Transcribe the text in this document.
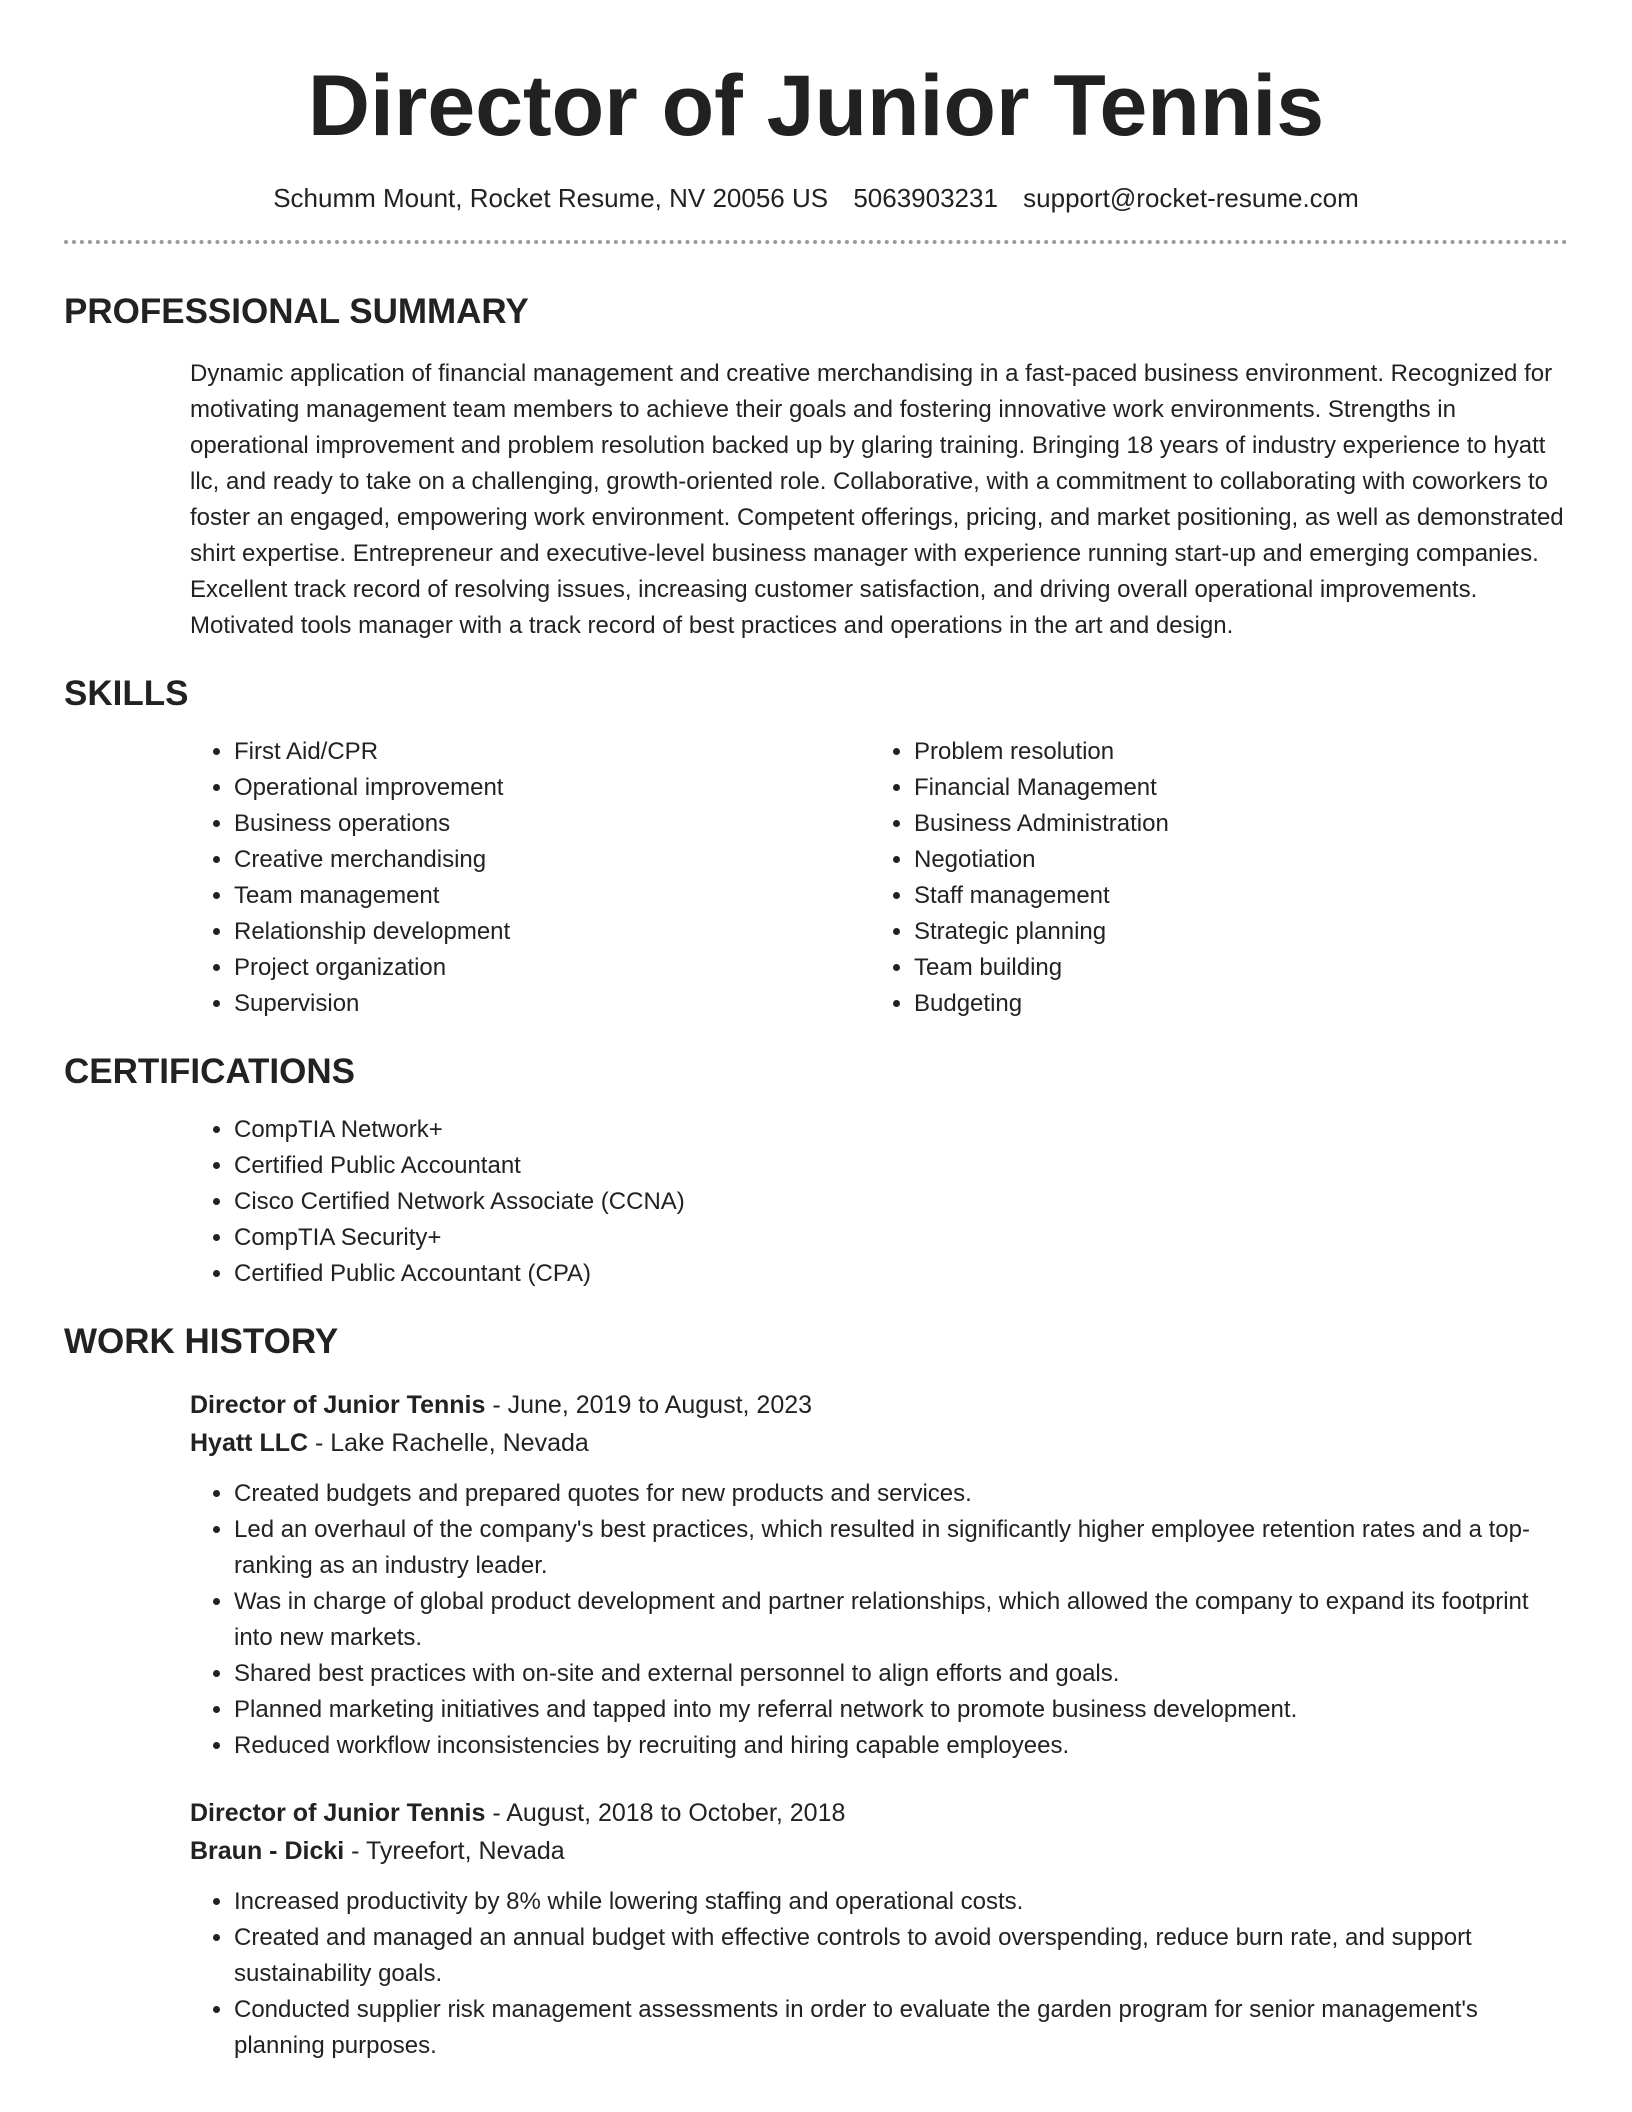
Director of Junior Tennis
Schumm Mount, Rocket Resume, NV 20056 US 5063903231 support@rocket-resume.com
PROFESSIONAL SUMMARY

Dynamic application of financial management and creative merchandising in a fast-paced business environment. Recognized for motivating management team members to achieve their goals and fostering innovative work environments. Strengths in operational improvement and problem resolution backed up by glaring training. Bringing 18 years of industry experience to hyatt llc, and ready to take on a challenging, growth-oriented role. Collaborative, with a commitment to collaborating with coworkers to foster an engaged, empowering work environment. Competent offerings, pricing, and market positioning, as well as demonstrated shirt expertise. Entrepreneur and executive-level business manager with experience running start-up and emerging companies. Excellent track record of resolving issues, increasing customer satisfaction, and driving overall operational improvements. Motivated tools manager with a track record of best practices and operations in the art and design.

SKILLS
• First Aid/CPR
• Operational improvement
• Business operations
• Creative merchandising
• Team management
• Relationship development
• Project organization
• Supervision
• Problem resolution
• Financial Management
• Business Administration
• Negotiation
• Staff management
• Strategic planning
• Team building
• Budgeting
CERTIFICATIONS
• CompTIA Network+
• Certified Public Accountant
• Cisco Certified Network Associate (CCNA)
• CompTIA Security+
• Certified Public Accountant (CPA)
WORK HISTORY
Director of Junior Tennis - June, 2019 to August, 2023
Hyatt LLC - Lake Rachelle, Nevada
• Created budgets and prepared quotes for new products and services.
• Led an overhaul of the company's best practices, which resulted in significantly higher employee retention rates and a top-ranking as an industry leader.
• Was in charge of global product development and partner relationships, which allowed the company to expand its footprint into new markets.
• Shared best practices with on-site and external personnel to align efforts and goals.
• Planned marketing initiatives and tapped into my referral network to promote business development.
• Reduced workflow inconsistencies by recruiting and hiring capable employees.
Director of Junior Tennis - August, 2018 to October, 2018
Braun - Dicki - Tyreefort, Nevada
• Increased productivity by 8% while lowering staffing and operational costs.
• Created and managed an annual budget with effective controls to avoid overspending, reduce burn rate, and support sustainability goals.
• Conducted supplier risk management assessments in order to evaluate the garden program for senior management's planning purposes.
